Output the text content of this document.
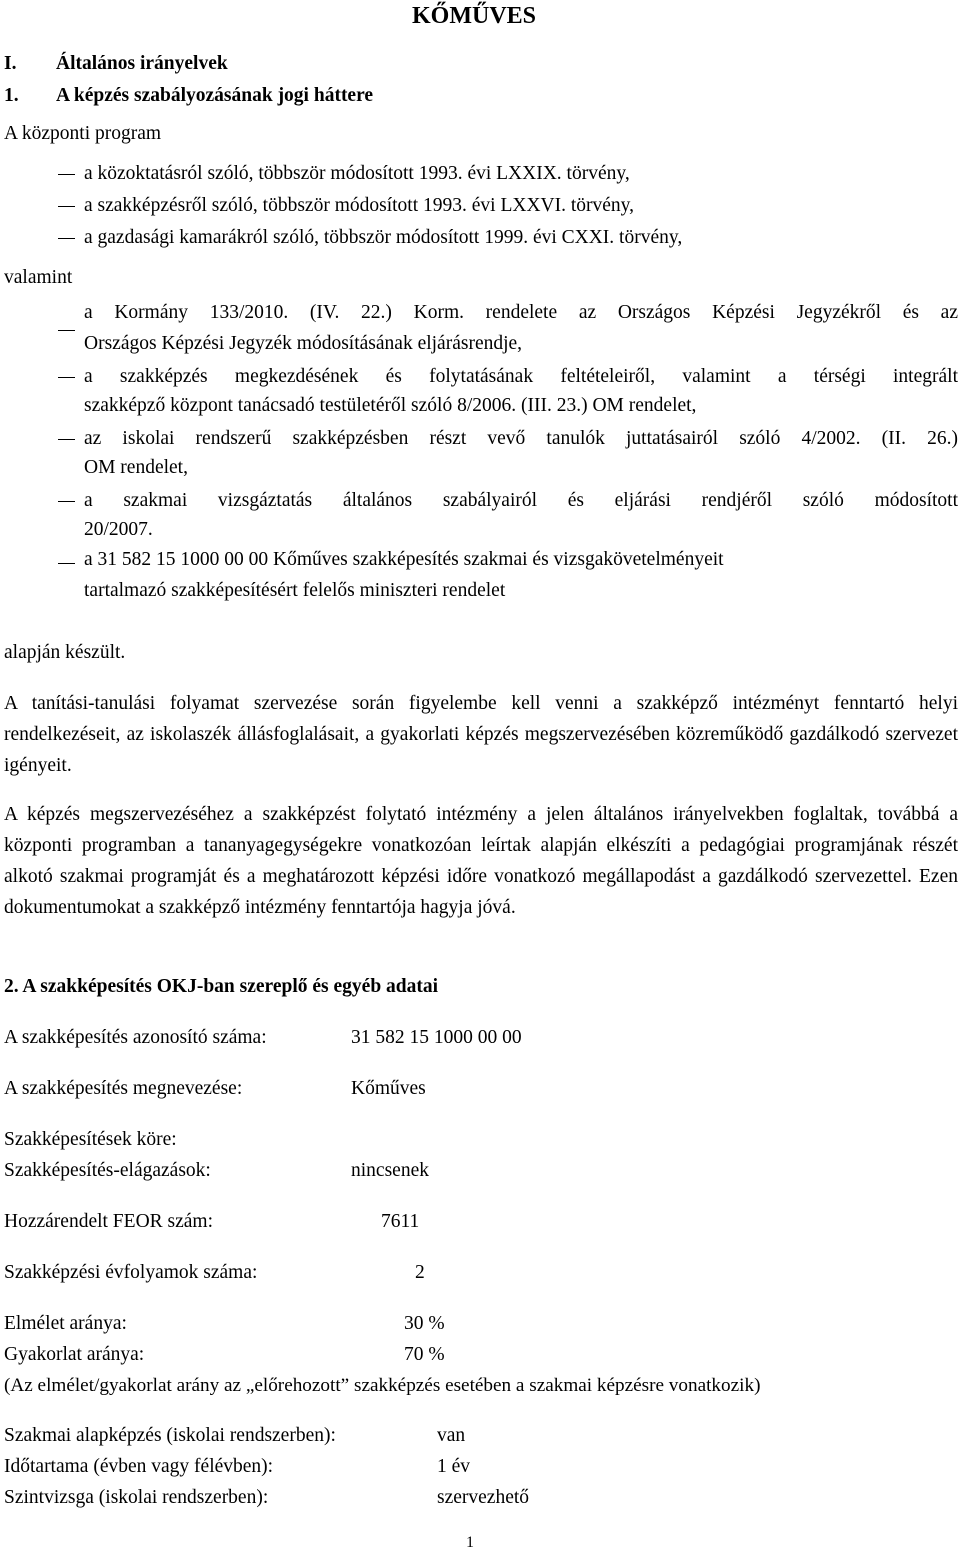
KŐMŰVES
I. Általános irányelvek
1. A képzés szabályozásának jogi háttere
A központi program
a közoktatásról szóló, többször módosított 1993. évi LXXIX. törvény,
a szakképzésről szóló, többször módosított 1993. évi LXXVI. törvény,
a gazdasági kamarákról szóló, többször módosított 1999. évi CXXI. törvény,
valamint
a Kormány 133/2010. (IV. 22.) Korm. rendelete az Országos Képzési Jegyzékről és az
Országos Képzési Jegyzék módosításának eljárásrendje,
a szakképzés megkezdésének és folytatásának feltételeiről, valamint a térségi integrált
szakképző központ tanácsadó testületéről szóló 8/2006. (III. 23.) OM rendelet,
az iskolai rendszerű szakképzésben részt vevő tanulók juttatásairól szóló 4/2002. (II. 26.)
OM rendelet,
a szakmai vizsgáztatás általános szabályairól és eljárási rendjéről szóló módosított
20/2007.
a 31 582 15 1000 00 00 Kőműves szakképesítés szakmai és vizsgakövetelményeit
tartalmazó szakképesítésért felelős miniszteri rendelet
alapján készült.
A tanítási-tanulási folyamat szervezése során figyelembe kell venni a szakképző intézményt fenntartó helyi rendelkezéseit, az iskolaszék állásfoglalásait, a gyakorlati képzés megszervezésében közreműködő gazdálkodó szervezet igényeit.
A képzés megszervezéséhez a szakképzést folytató intézmény a jelen általános irányelvekben foglaltak, továbbá a központi programban a tananyagegységekre vonatkozóan leírtak alapján elkészíti a pedagógiai programjának részét alkotó szakmai programját és a meghatározott képzési időre vonatkozó megállapodást a gazdálkodó szervezettel. Ezen dokumentumokat a szakképző intézmény fenntartója hagyja jóvá.
2. A szakképesítés OKJ-ban szereplő és egyéb adatai
A szakképesítés azonosító száma:	31 582 15 1000 00 00
A szakképesítés megnevezése:	Kőműves
Szakképesítések köre:
Szakképesítés-elágazások:	nincsenek
Hozzárendelt FEOR szám:	7611
Szakképzési évfolyamok száma:	2
Elmélet aránya:	30 %
Gyakorlat aránya:	70 %
(Az elmélet/gyakorlat arány az „előrehozott” szakképzés esetében a szakmai képzésre vonatkozik)
Szakmai alapképzés (iskolai rendszerben):	van
Időtartama (évben vagy félévben):	1 év
Szintvizsga (iskolai rendszerben):	szervezhető
1
